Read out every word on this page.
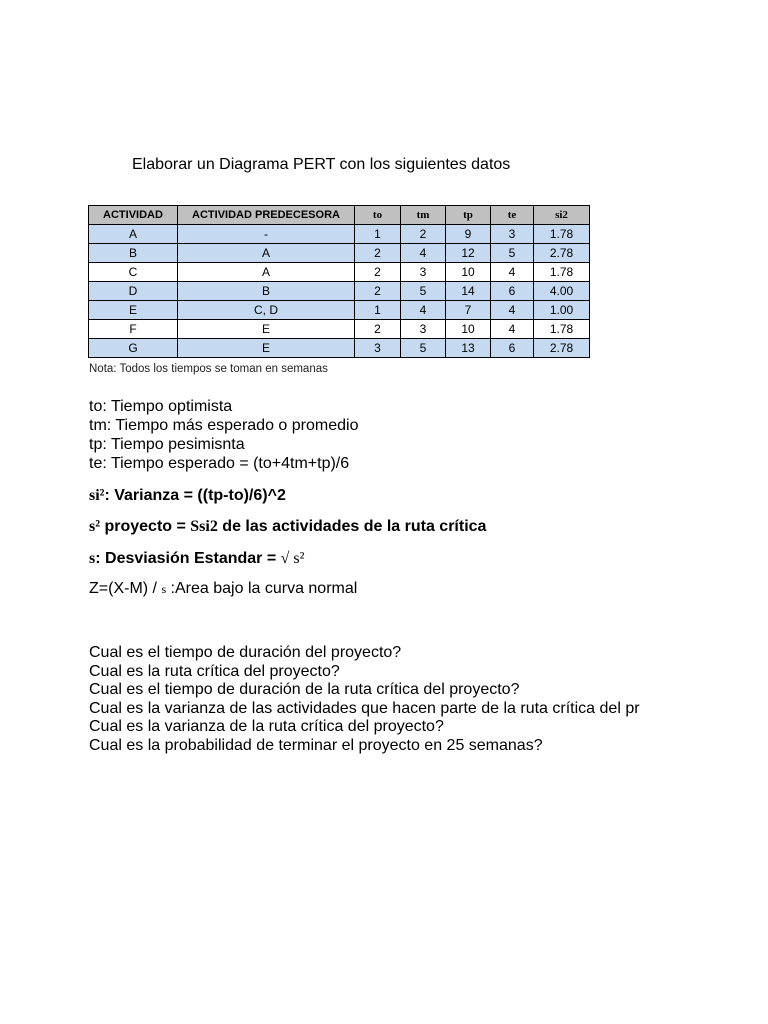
Elaborar un Diagrama PERT con los siguientes datos
ACTIVIDAD	ACTIVIDAD PREDECESORA	to	tm	tp	te	si2
A	-	1	2	9	3	1.78
B	A	2	4	12	5	2.78
C	A	2	3	10	4	1.78
D	B	2	5	14	6	4.00
E	C, D	1	4	7	4	1.00
F	E	2	3	10	4	1.78
G	E	3	5	13	6	2.78
Nota: Todos los tiempos se toman en semanas
to: Tiempo optimista
tm: Tiempo más esperado o promedio
tp: Tiempo pesimisnta
te: Tiempo esperado = (to+4tm+tp)/6
si²: Varianza = ((tp-to)/6)^2
s² proyecto = Ssi2 de las actividades de la ruta crítica
s: Desviasión Estandar = √ s²
Z=(X-M) / s :Area bajo la curva normal
Cual es el tiempo de duración del proyecto?
Cual es la ruta crítica del proyecto?
Cual es el tiempo de duración de la ruta crítica del proyecto?
Cual es la varianza de las actividades que hacen parte de la ruta crítica del pr
Cual es la varianza de la ruta crítica del proyecto?
Cual es la probabilidad de terminar el proyecto en 25 semanas?
